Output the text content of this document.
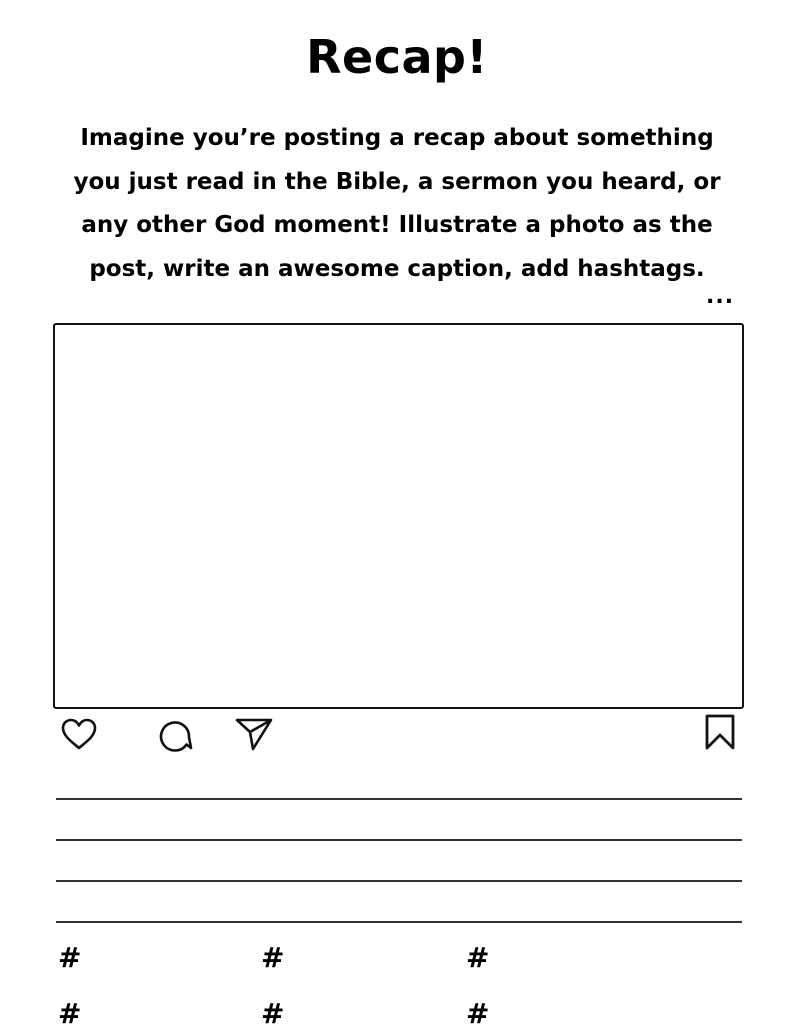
Recap!
Imagine you’re posting a recap about something
you just read in the Bible, a sermon you heard, or
any other God moment! Illustrate a photo as the
post, write an awesome caption, add hashtags.
...
#	#	#
#	#	#
